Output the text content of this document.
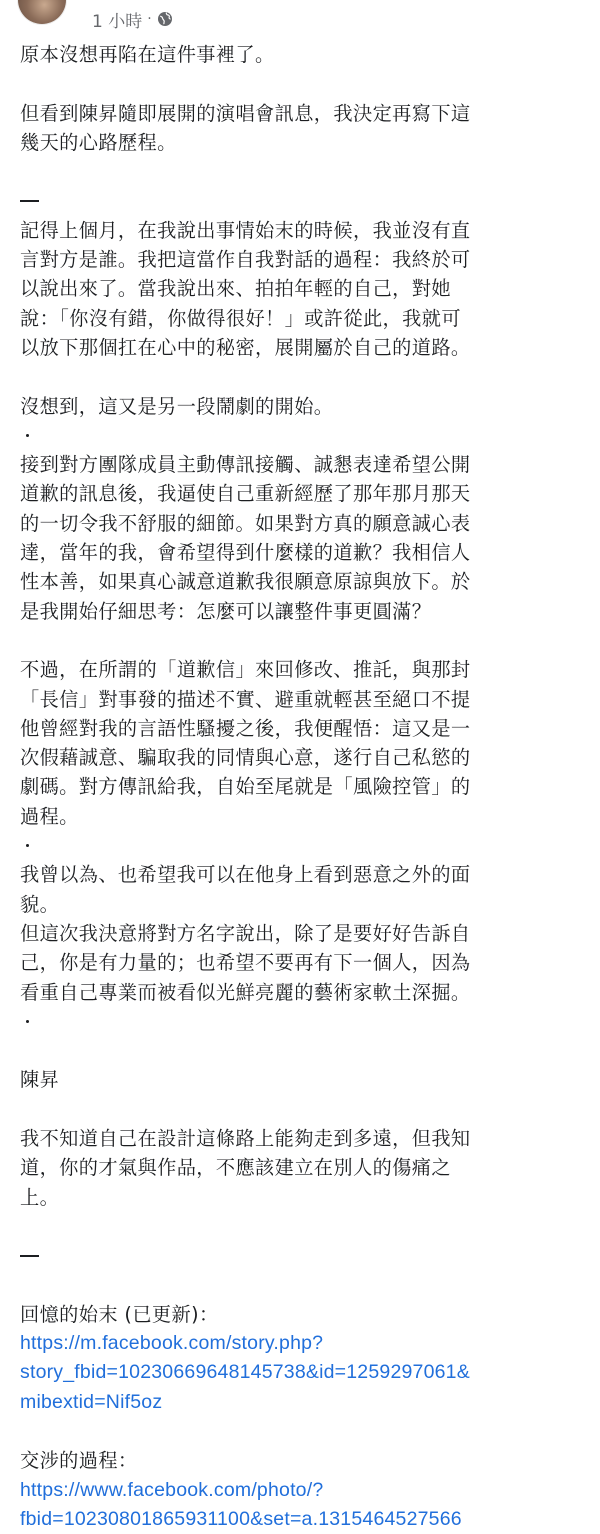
1 小時 ·
原本沒想再陷在這件事裡了。
但看到陳昇隨即展開的演唱會訊息，我決定再寫下這
幾天的心路歷程。
記得上個月，在我說出事情始末的時候，我並沒有直
言對方是誰。我把這當作自我對話的過程：我終於可
以說出來了。當我說出來、拍拍年輕的自己，對她
說：「你沒有錯，你做得很好！」或許從此，我就可
以放下那個扛在心中的秘密，展開屬於自己的道路。
沒想到，這又是另一段鬧劇的開始。
接到對方團隊成員主動傳訊接觸、誠懇表達希望公開
道歉的訊息後，我逼使自己重新經歷了那年那月那天
的一切令我不舒服的細節。如果對方真的願意誠心表
達，當年的我，會希望得到什麼樣的道歉？我相信人
性本善，如果真心誠意道歉我很願意原諒與放下。於
是我開始仔細思考：怎麼可以讓整件事更圓滿？
不過，在所謂的「道歉信」來回修改、推託，與那封
「長信」對事發的描述不實、避重就輕甚至絕口不提
他曾經對我的言語性騷擾之後，我便醒悟：這又是一
次假藉誠意、騙取我的同情與心意，遂行自己私慾的
劇碼。對方傳訊給我，自始至尾就是「風險控管」的
過程。
我曾以為、也希望我可以在他身上看到惡意之外的面
貌。
但這次我決意將對方名字說出，除了是要好好告訴自
己，你是有力量的；也希望不要再有下一個人，因為
看重自己專業而被看似光鮮亮麗的藝術家軟土深掘。
陳昇
我不知道自己在設計這條路上能夠走到多遠，但我知
道，你的才氣與作品，不應該建立在別人的傷痛之
上。
回憶的始末 (已更新)：
https://m.facebook.com/story.php?
story_fbid=10230669648145738&id=1259297061&
mibextid=Nif5oz
交涉的過程：
https://www.facebook.com/photo/?
fbid=10230801865931100&set=a.1315464527566
